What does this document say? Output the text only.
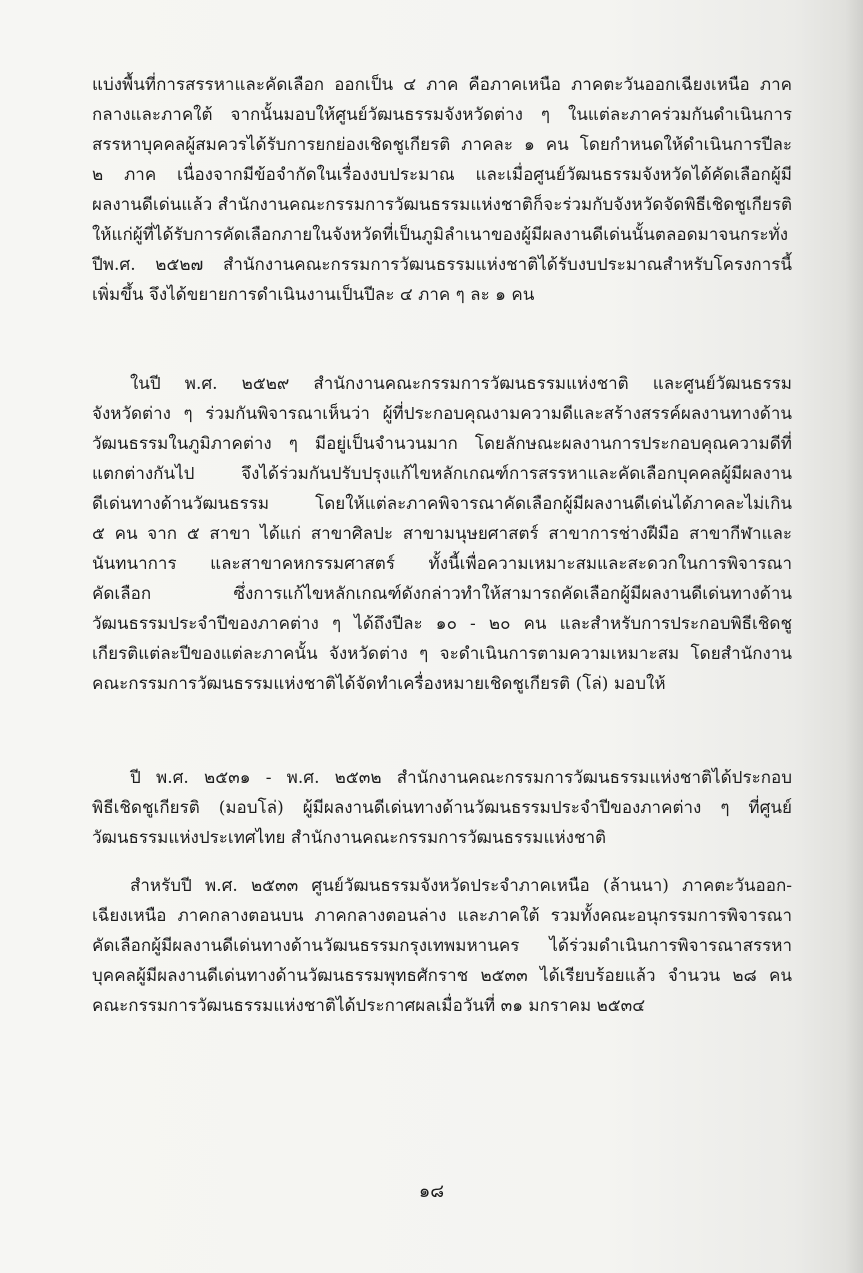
แบ่งพื้นที่การสรรหาและคัดเลือก ออกเป็น ๔ ภาค คือภาคเหนือ ภาคตะวันออกเฉียงเหนือ ภาค
กลางและภาคใต้ จากนั้นมอบให้ศูนย์วัฒนธรรมจังหวัดต่าง ๆ ในแต่ละภาคร่วมกันดำเนินการ
สรรหาบุคคลผู้สมควรได้รับการยกย่องเชิดชูเกียรติ ภาคละ ๑ คน โดยกำหนดให้ดำเนินการปีละ
๒ ภาค เนื่องจากมีข้อจำกัดในเรื่องงบประมาณ และเมื่อศูนย์วัฒนธรรมจังหวัดได้คัดเลือกผู้มี
ผลงานดีเด่นแล้ว สำนักงานคณะกรรมการวัฒนธรรมแห่งชาติก็จะร่วมกับจังหวัดจัดพิธีเชิดชูเกียรติ
ให้แก่ผู้ที่ได้รับการคัดเลือกภายในจังหวัดที่เป็นภูมิลำเนาของผู้มีผลงานดีเด่นนั้นตลอดมาจนกระทั่ง
ปีพ.ศ. ๒๕๒๗ สำนักงานคณะกรรมการวัฒนธรรมแห่งชาติได้รับงบประมาณสำหรับโครงการนี้
เพิ่มขึ้น จึงได้ขยายการดำเนินงานเป็นปีละ ๔ ภาค ๆ ละ ๑ คน
ในปี พ.ศ. ๒๕๒๙ สำนักงานคณะกรรมการวัฒนธรรมแห่งชาติ และศูนย์วัฒนธรรม
จังหวัดต่าง ๆ ร่วมกันพิจารณาเห็นว่า ผู้ที่ประกอบคุณงามความดีและสร้างสรรค์ผลงานทางด้าน
วัฒนธรรมในภูมิภาคต่าง ๆ มีอยู่เป็นจำนวนมาก โดยลักษณะผลงานการประกอบคุณความดีที่
แตกต่างกันไป จึงได้ร่วมกันปรับปรุงแก้ไขหลักเกณฑ์การสรรหาและคัดเลือกบุคคลผู้มีผลงาน
ดีเด่นทางด้านวัฒนธรรม โดยให้แต่ละภาคพิจารณาคัดเลือกผู้มีผลงานดีเด่นได้ภาคละไม่เกิน
๕ คน จาก ๕ สาขา ได้แก่ สาขาศิลปะ สาขามนุษยศาสตร์ สาขาการช่างฝีมือ สาขากีฬาและ
นันทนาการ และสาขาคหกรรมศาสตร์ ทั้งนี้เพื่อความเหมาะสมและสะดวกในการพิจารณา
คัดเลือก ซึ่งการแก้ไขหลักเกณฑ์ดังกล่าวทำให้สามารถคัดเลือกผู้มีผลงานดีเด่นทางด้าน
วัฒนธรรมประจำปีของภาคต่าง ๆ ได้ถึงปีละ ๑๐ - ๒๐ คน และสำหรับการประกอบพิธีเชิดชู
เกียรติแต่ละปีของแต่ละภาคนั้น จังหวัดต่าง ๆ จะดำเนินการตามความเหมาะสม โดยสำนักงาน
คณะกรรมการวัฒนธรรมแห่งชาติได้จัดทำเครื่องหมายเชิดชูเกียรติ (โล่) มอบให้
ปี พ.ศ. ๒๕๓๑ - พ.ศ. ๒๕๓๒ สำนักงานคณะกรรมการวัฒนธรรมแห่งชาติได้ประกอบ
พิธีเชิดชูเกียรติ (มอบโล่) ผู้มีผลงานดีเด่นทางด้านวัฒนธรรมประจำปีของภาคต่าง ๆ ที่ศูนย์
วัฒนธรรมแห่งประเทศไทย สำนักงานคณะกรรมการวัฒนธรรมแห่งชาติ
สำหรับปี พ.ศ. ๒๕๓๓ ศูนย์วัฒนธรรมจังหวัดประจำภาคเหนือ (ล้านนา) ภาคตะวันออก-
เฉียงเหนือ ภาคกลางตอนบน ภาคกลางตอนล่าง และภาคใต้ รวมทั้งคณะอนุกรรมการพิจารณา
คัดเลือกผู้มีผลงานดีเด่นทางด้านวัฒนธรรมกรุงเทพมหานคร ได้ร่วมดำเนินการพิจารณาสรรหา
บุคคลผู้มีผลงานดีเด่นทางด้านวัฒนธรรมพุทธศักราช ๒๕๓๓ ได้เรียบร้อยแล้ว จำนวน ๒๘ คน
คณะกรรมการวัฒนธรรมแห่งชาติได้ประกาศผลเมื่อวันที่ ๓๑ มกราคม ๒๕๓๔
๑๘
